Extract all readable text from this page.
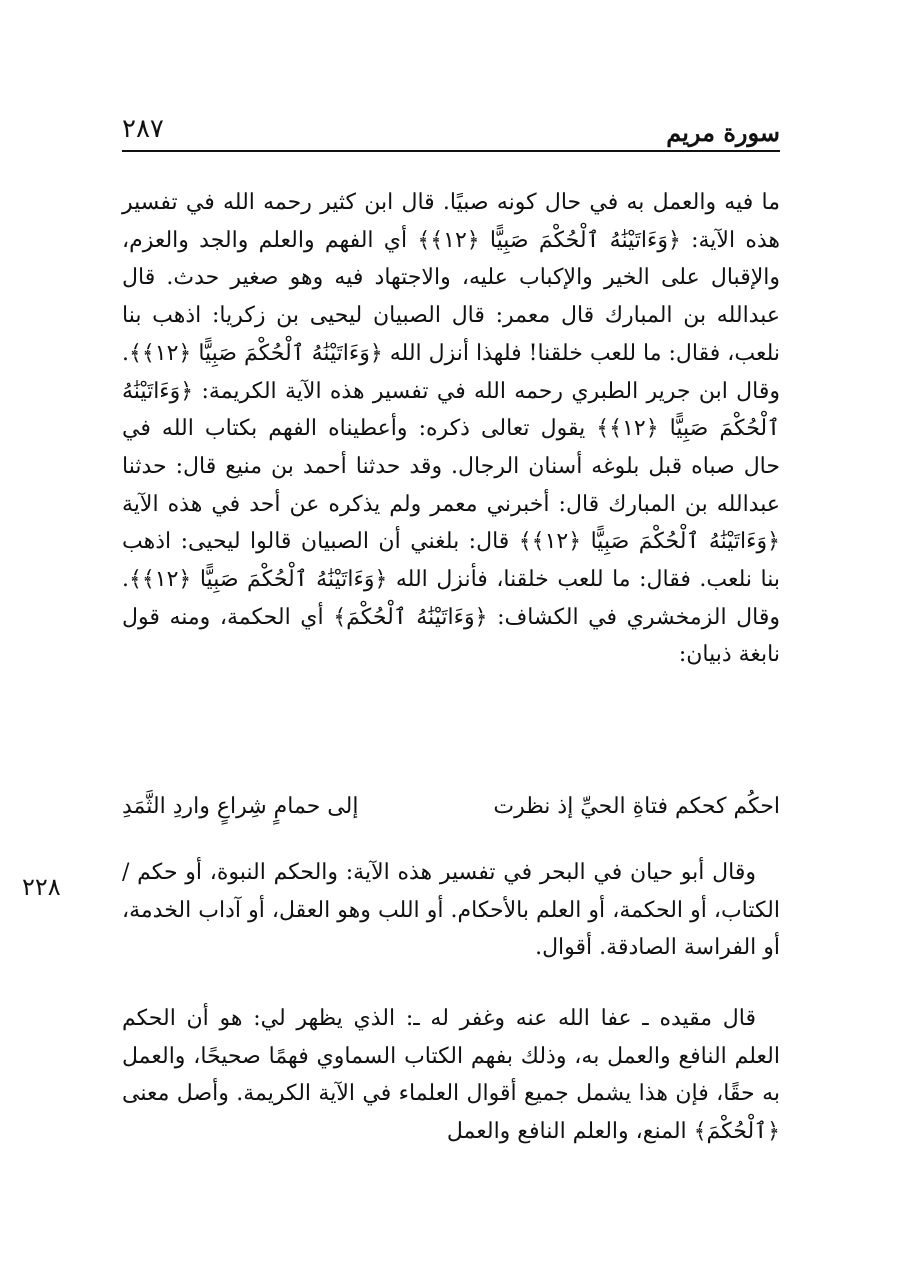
سورة مريم
٢٨٧

ما فيه والعمل به في حال كونه صبيًا. قال ابن كثير رحمه الله في تفسير هذه الآية: ﴿وَءَاتَيْنَٰهُ ٱلْحُكْمَ صَبِيًّا ﴿١٢﴾﴾ أي الفهم والعلم والجد والعزم، والإقبال على الخير والإكباب عليه، والاجتهاد فيه وهو صغير حدث. قال عبدالله بن المبارك قال معمر: قال الصبيان ليحيى بن زكريا: اذهب بنا نلعب، فقال: ما للعب خلقنا! فلهذا أنزل الله ﴿وَءَاتَيْنَٰهُ ٱلْحُكْمَ صَبِيًّا ﴿١٢﴾﴾. وقال ابن جرير الطبري رحمه الله في تفسير هذه الآية الكريمة: ﴿وَءَاتَيْنَٰهُ ٱلْحُكْمَ صَبِيًّا ﴿١٢﴾﴾ يقول تعالى ذكره: وأعطيناه الفهم بكتاب الله في حال صباه قبل بلوغه أسنان الرجال. وقد حدثنا أحمد بن منيع قال: حدثنا عبدالله بن المبارك قال: أخبرني معمر ولم يذكره عن أحد في هذه الآية ﴿وَءَاتَيْنَٰهُ ٱلْحُكْمَ صَبِيًّا ﴿١٢﴾﴾ قال: بلغني أن الصبيان قالوا ليحيى: اذهب بنا نلعب. فقال: ما للعب خلقنا، فأنزل الله ﴿وَءَاتَيْنَٰهُ ٱلْحُكْمَ صَبِيًّا ﴿١٢﴾﴾. وقال الزمخشري في الكشاف: ﴿وَءَاتَيْنَٰهُ ٱلْحُكْمَ﴾ أي الحكمة، ومنه قول نابغة ذبيان:

احكُم كحكم فتاةِ الحيِّ إذ نظرت
إلى حمامٍ شِراعٍ واردِ الثَّمَدِ
٢٢٨

وقال أبو حيان في البحر في تفسير هذه الآية: والحكم النبوة، أو حكم / الكتاب، أو الحكمة، أو العلم بالأحكام. أو اللب وهو العقل، أو آداب الخدمة، أو الفراسة الصادقة. أقوال.

قال مقيده ـ عفا الله عنه وغفر له ـ: الذي يظهر لي: هو أن الحكم العلم النافع والعمل به، وذلك بفهم الكتاب السماوي فهمًا صحيحًا، والعمل به حقًا، فإن هذا يشمل جميع أقوال العلماء في الآية الكريمة. وأصل معنى ﴿ٱلْحُكْمَ﴾ المنع، والعلم النافع والعمل
